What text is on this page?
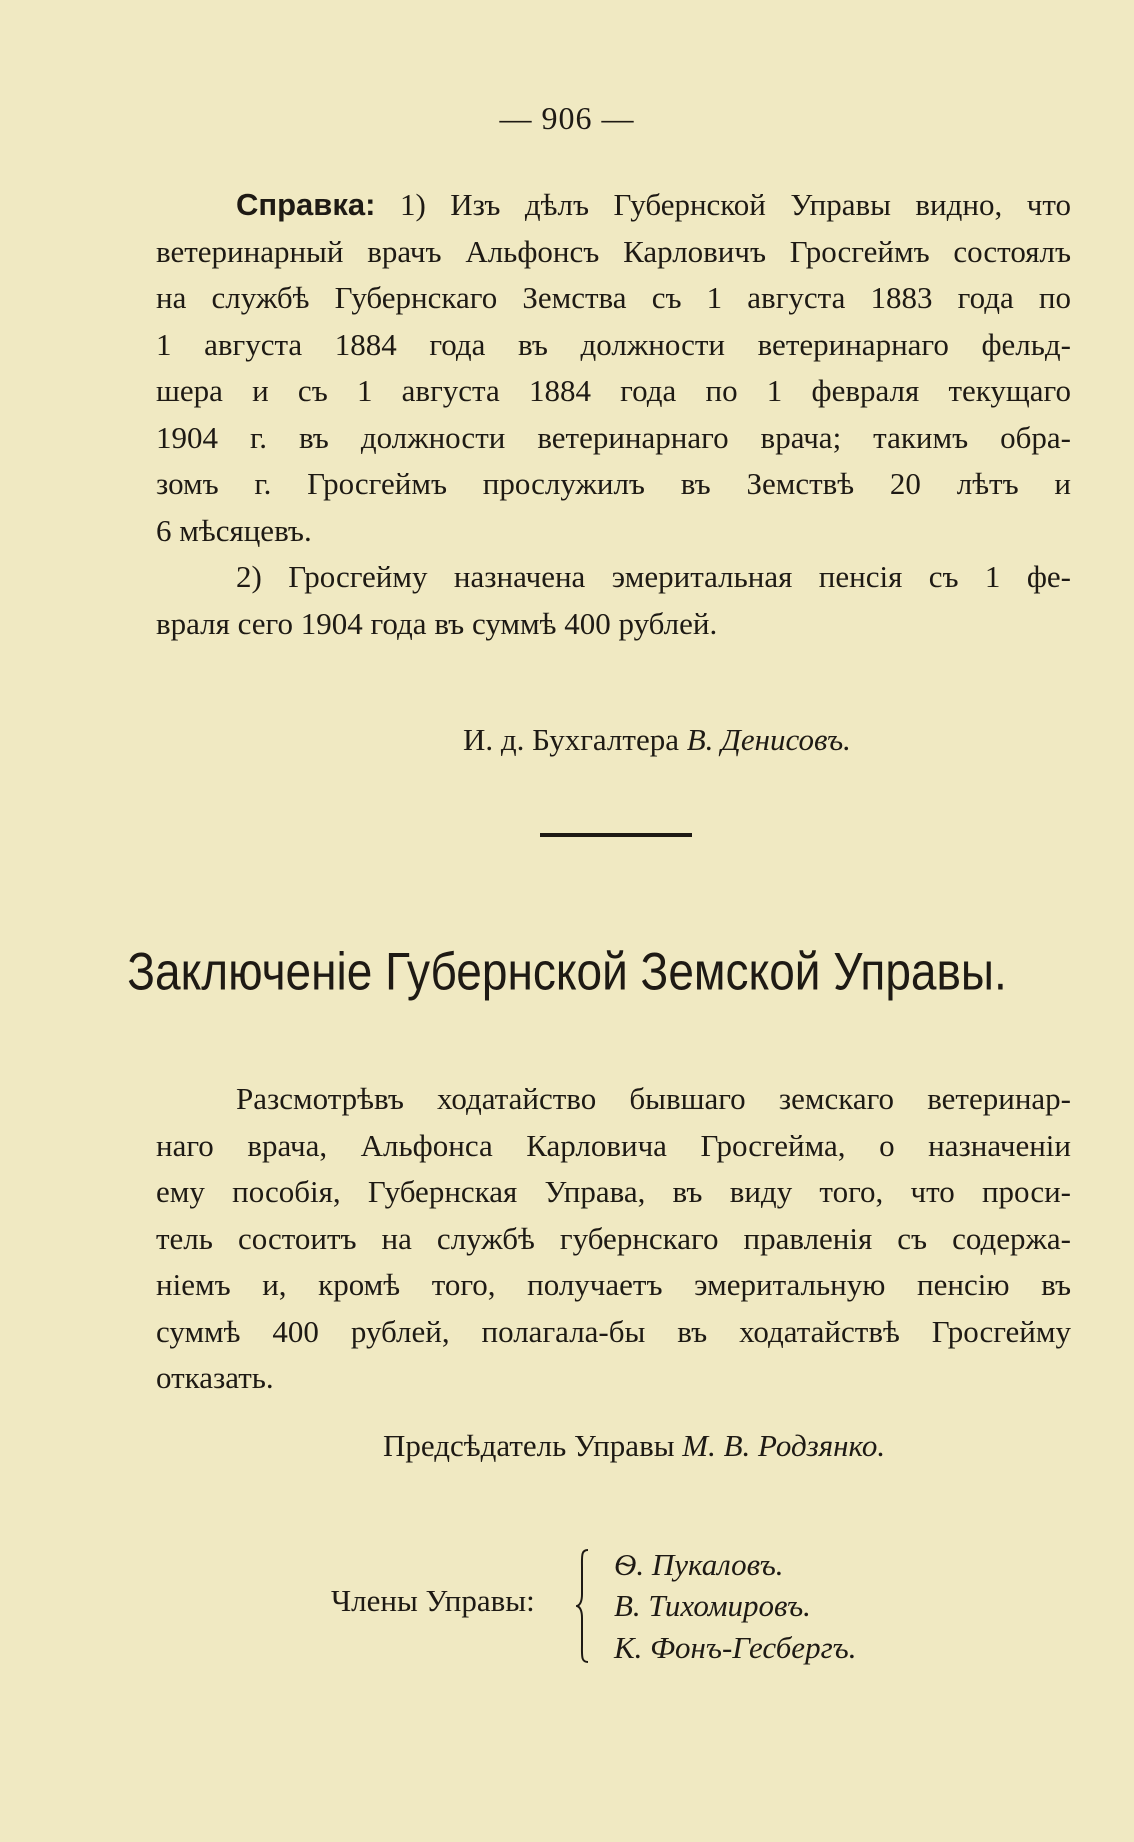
— 906 —
Справка: 1) Изъ дѣлъ Губернской Управы видно, что
ветеринарный врачъ Альфонсъ Карловичъ Гросгеймъ состоялъ
на службѣ Губернскаго Земства съ 1 августа 1883 года по
1 августа 1884 года въ должности ветеринарнаго фельд-
шера и съ 1 августа 1884 года по 1 февраля текущаго
1904 г. въ должности ветеринарнаго врача; такимъ обра-
зомъ г. Гросгеймъ прослужилъ въ Земствѣ 20 лѣтъ и
6 мѣсяцевъ.
2) Гросгейму назначена эмеритальная пенсія съ 1 фе-
враля сего 1904 года въ суммѣ 400 рублей.
И. д. Бухгалтера В. Денисовъ.
Заключеніе Губернской Земской Управы.
Разсмотрѣвъ ходатайство бывшаго земскаго ветеринар-
наго врача, Альфонса Карловича Гросгейма, о назначеніи
ему пособія, Губернская Управа, въ виду того, что проси-
тель состоитъ на службѣ губернскаго правленія съ содержа-
ніемъ и, кромѣ того, получаетъ эмеритальную пенсію въ
суммѣ 400 рублей, полагала-бы въ ходатайствѣ Гросгейму
отказать.
Предсѣдатель Управы М. В. Родзянко.
Члены Управы:
Ѳ. Пукаловъ.
В. Тихомировъ.
К. Фонъ-Гесбергъ.
